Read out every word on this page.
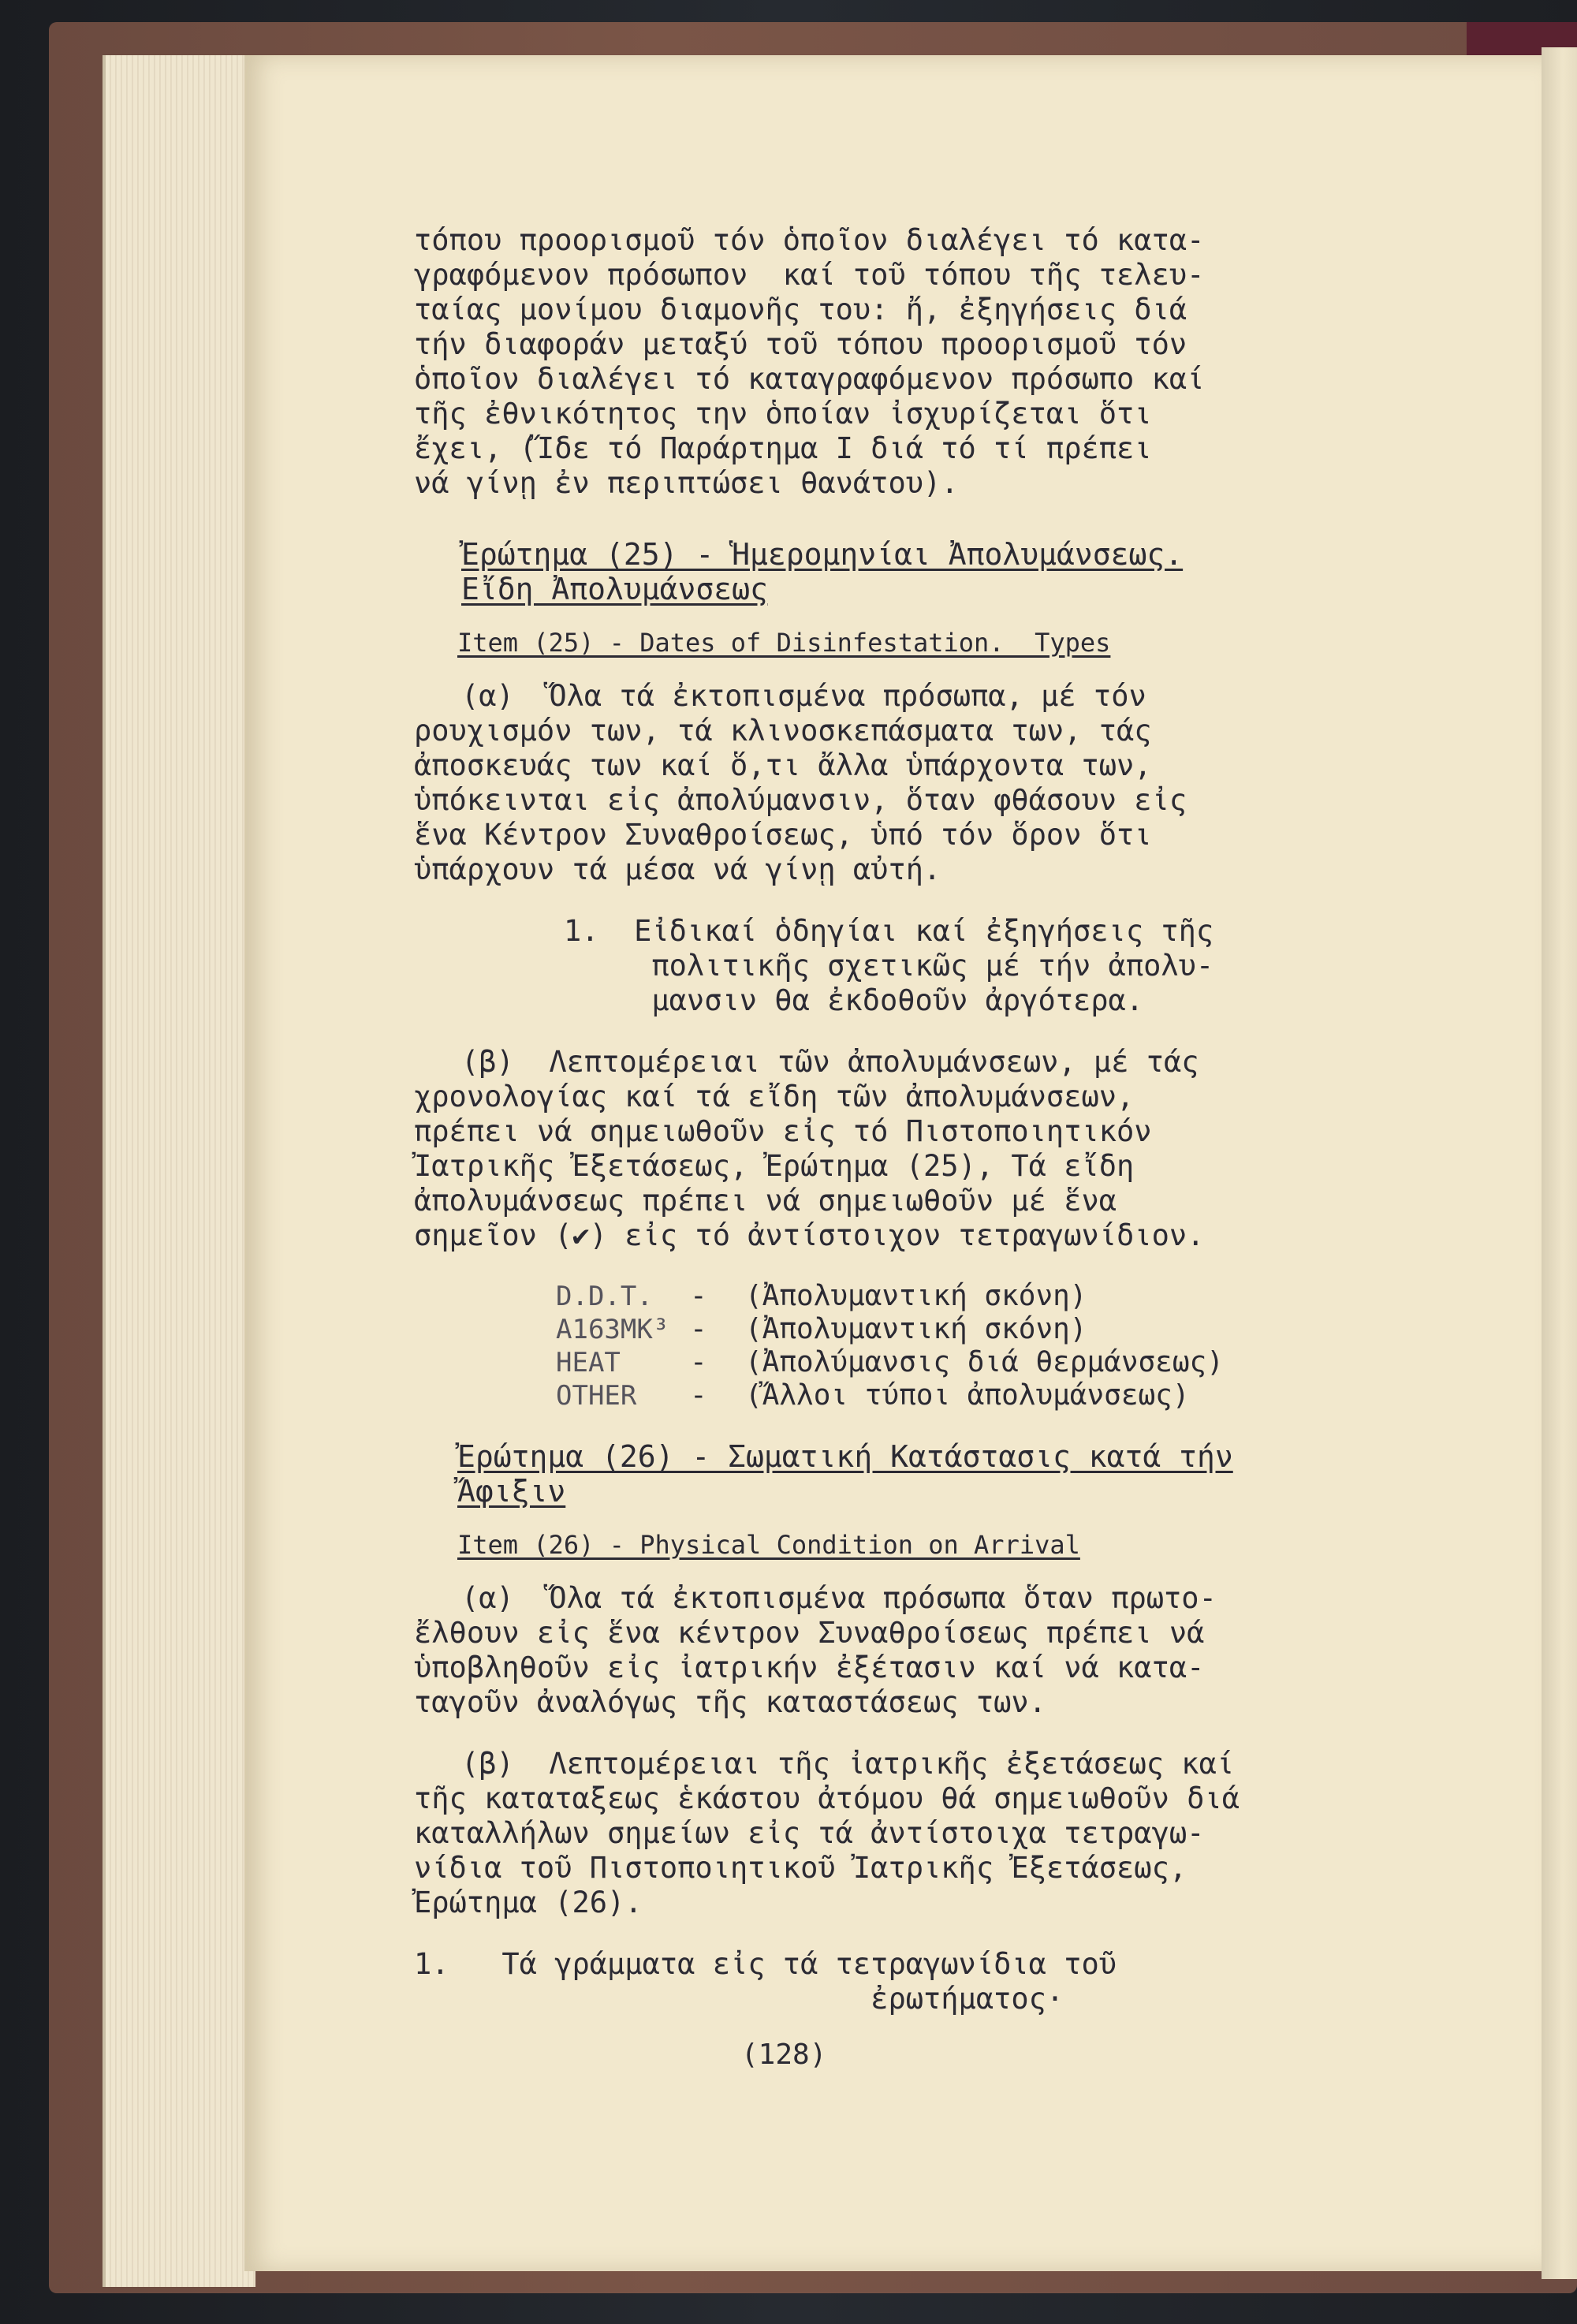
τόπου προορισμοῦ τόν ὁποῖον διαλέγει τό κατα-

γραφόμενον πρόσωπον  καί τοῦ τόπου τῆς τελευ-

ταίας μονίμου διαμονῆς του: ἤ, ἐξηγήσεις διά

τήν διαφοράν μεταξύ τοῦ τόπου προορισμοῦ τόν

ὁποῖον διαλέγει τό καταγραφόμενον πρόσωπο καί

τῆς ἐθνικότητος την ὁποίαν ἰσχυρίζεται ὅτι

ἔχει, (Ἴδε τό Παράρτημα Ι διά τό τί πρέπει

νά γίνῃ ἐν περιπτώσει θανάτου).

Ἐρώτημα (25) - Ἡμερομηνίαι Ἀπολυμάνσεως.

Εἴδη Ἀπολυμάνσεως

Item (25) - Dates of Disinfestation.  Types

(α)  Ὅλα τά ἐκτοπισμένα πρόσωπα, μέ τόν

ρουχισμόν των, τά κλινοσκεπάσματα των, τάς

ἀποσκευάς των καί ὅ,τι ἄλλα ὑπάρχοντα των,

ὑπόκεινται εἰς ἀπολύμανσιν, ὅταν φθάσουν εἰς

ἕνα Κέντρον Συναθροίσεως, ὑπό τόν ὅρον ὅτι

ὑπάρχουν τά μέσα νά γίνῃ αὐτή.

1.  Εἰδικαί ὁδηγίαι καί ἐξηγήσεις τῆς

πολιτικῆς σχετικῶς μέ τήν ἀπολυ-

μανσιν θα ἐκδοθοῦν ἀργότερα.

(β)  Λεπτομέρειαι τῶν ἀπολυμάνσεων, μέ τάς

χρονολογίας καί τά εἴδη τῶν ἀπολυμάνσεων,

πρέπει νά σημειωθοῦν εἰς τό Πιστοποιητικόν

Ἰατρικῆς Ἐξετάσεως, Ἐρώτημα (25), Τά εἴδη

ἀπολυμάνσεως πρέπει νά σημειωθοῦν μέ ἕνα

σημεῖον (✔) εἰς τό ἀντίστοιχον τετραγωνίδιον.

D.D.T.	-	(Ἀπολυμαντική σκόνη)
A163MK³ -	(Ἀπολυμαντική σκόνη)
HEAT	-	(Ἀπολύμανσις διά θερμάνσεως)
OTHER	-	(Ἄλλοι τύποι ἀπολυμάνσεως)

Ἐρώτημα (26) - Σωματική Κατάστασις κατά τήν

Ἄφιξιν

Item (26) - Physical Condition on Arrival

(α)  Ὅλα τά ἐκτοπισμένα πρόσωπα ὅταν πρωτο-

ἔλθουν εἰς ἕνα κέντρον Συναθροίσεως πρέπει νά

ὑποβληθοῦν εἰς ἰατρικήν ἐξέτασιν καί νά κατα-

ταγοῦν ἀναλόγως τῆς καταστάσεως των.

(β)  Λεπτομέρειαι τῆς ἰατρικῆς ἐξετάσεως καί

τῆς καταταξεως ἑκάστου ἀτόμου θά σημειωθοῦν διά

καταλλήλων σημείων εἰς τά ἀντίστοιχα τετραγω-

νίδια τοῦ Πιστοποιητικοῦ Ἰατρικῆς Ἐξετάσεως,

Ἐρώτημα (26).

1.   Τά γράμματα εἰς τά τετραγωνίδια τοῦ

ἐρωτήματος·

(128)
